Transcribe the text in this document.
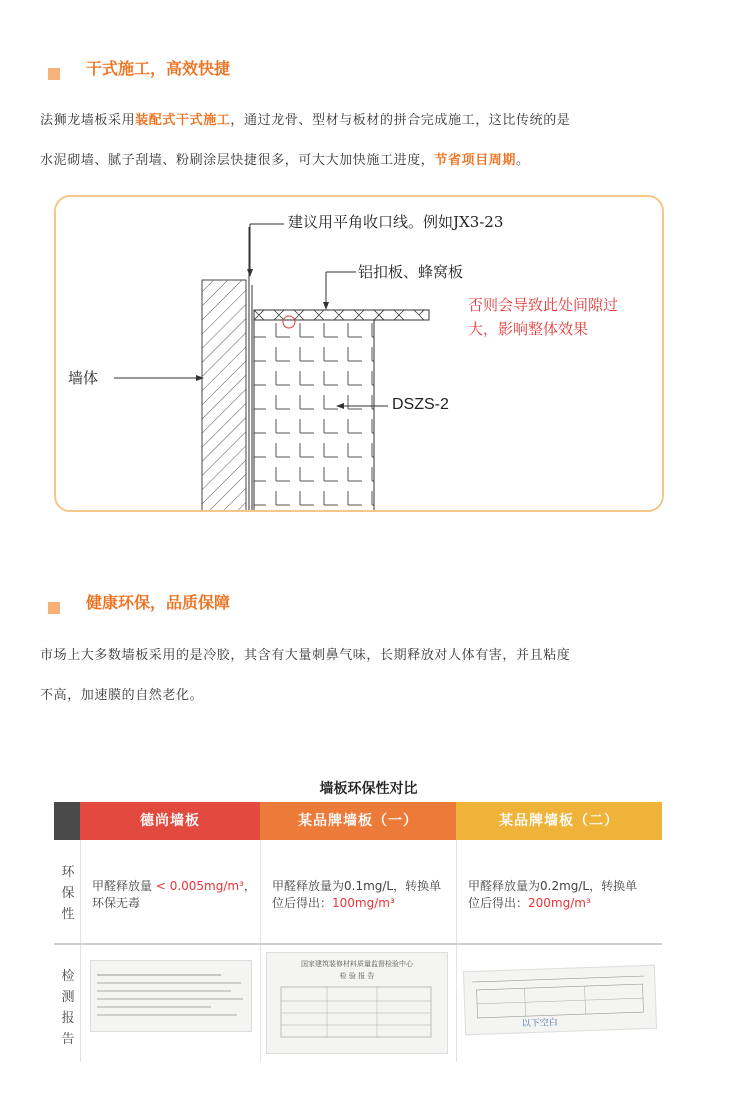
干式施工，高效快捷
法狮龙墙板采用装配式干式施工，通过龙骨、型材与板材的拼合完成施工，这比传统的是
水泥砌墙、腻子刮墙、粉刷涂层快捷很多，可大大加快施工进度，节省项目周期。
建议用平角收口线。例如JX3-23
铝扣板、蜂窝板
否则会导致此处间隙过
大，影响整体效果
墙体
DSZS-2
健康环保，品质保障
市场上大多数墙板采用的是冷胶，其含有大量刺鼻气味，长期释放对人体有害，并且粘度
不高，加速膜的自然老化。
墙板环保性对比
德尚墙板	某品牌墙板（一）	某品牌墙板（二）
环保性
甲醛释放量 < 0.005mg/m³，
环保无毒
甲醛释放量为0.1mg/L，转换单
位后得出：100mg/m³
甲醛释放量为0.2mg/L，转换单
位后得出：200mg/m³
检测报告
国家建筑装修材料质量监督检验中心
检 验 报 告
以下空白
